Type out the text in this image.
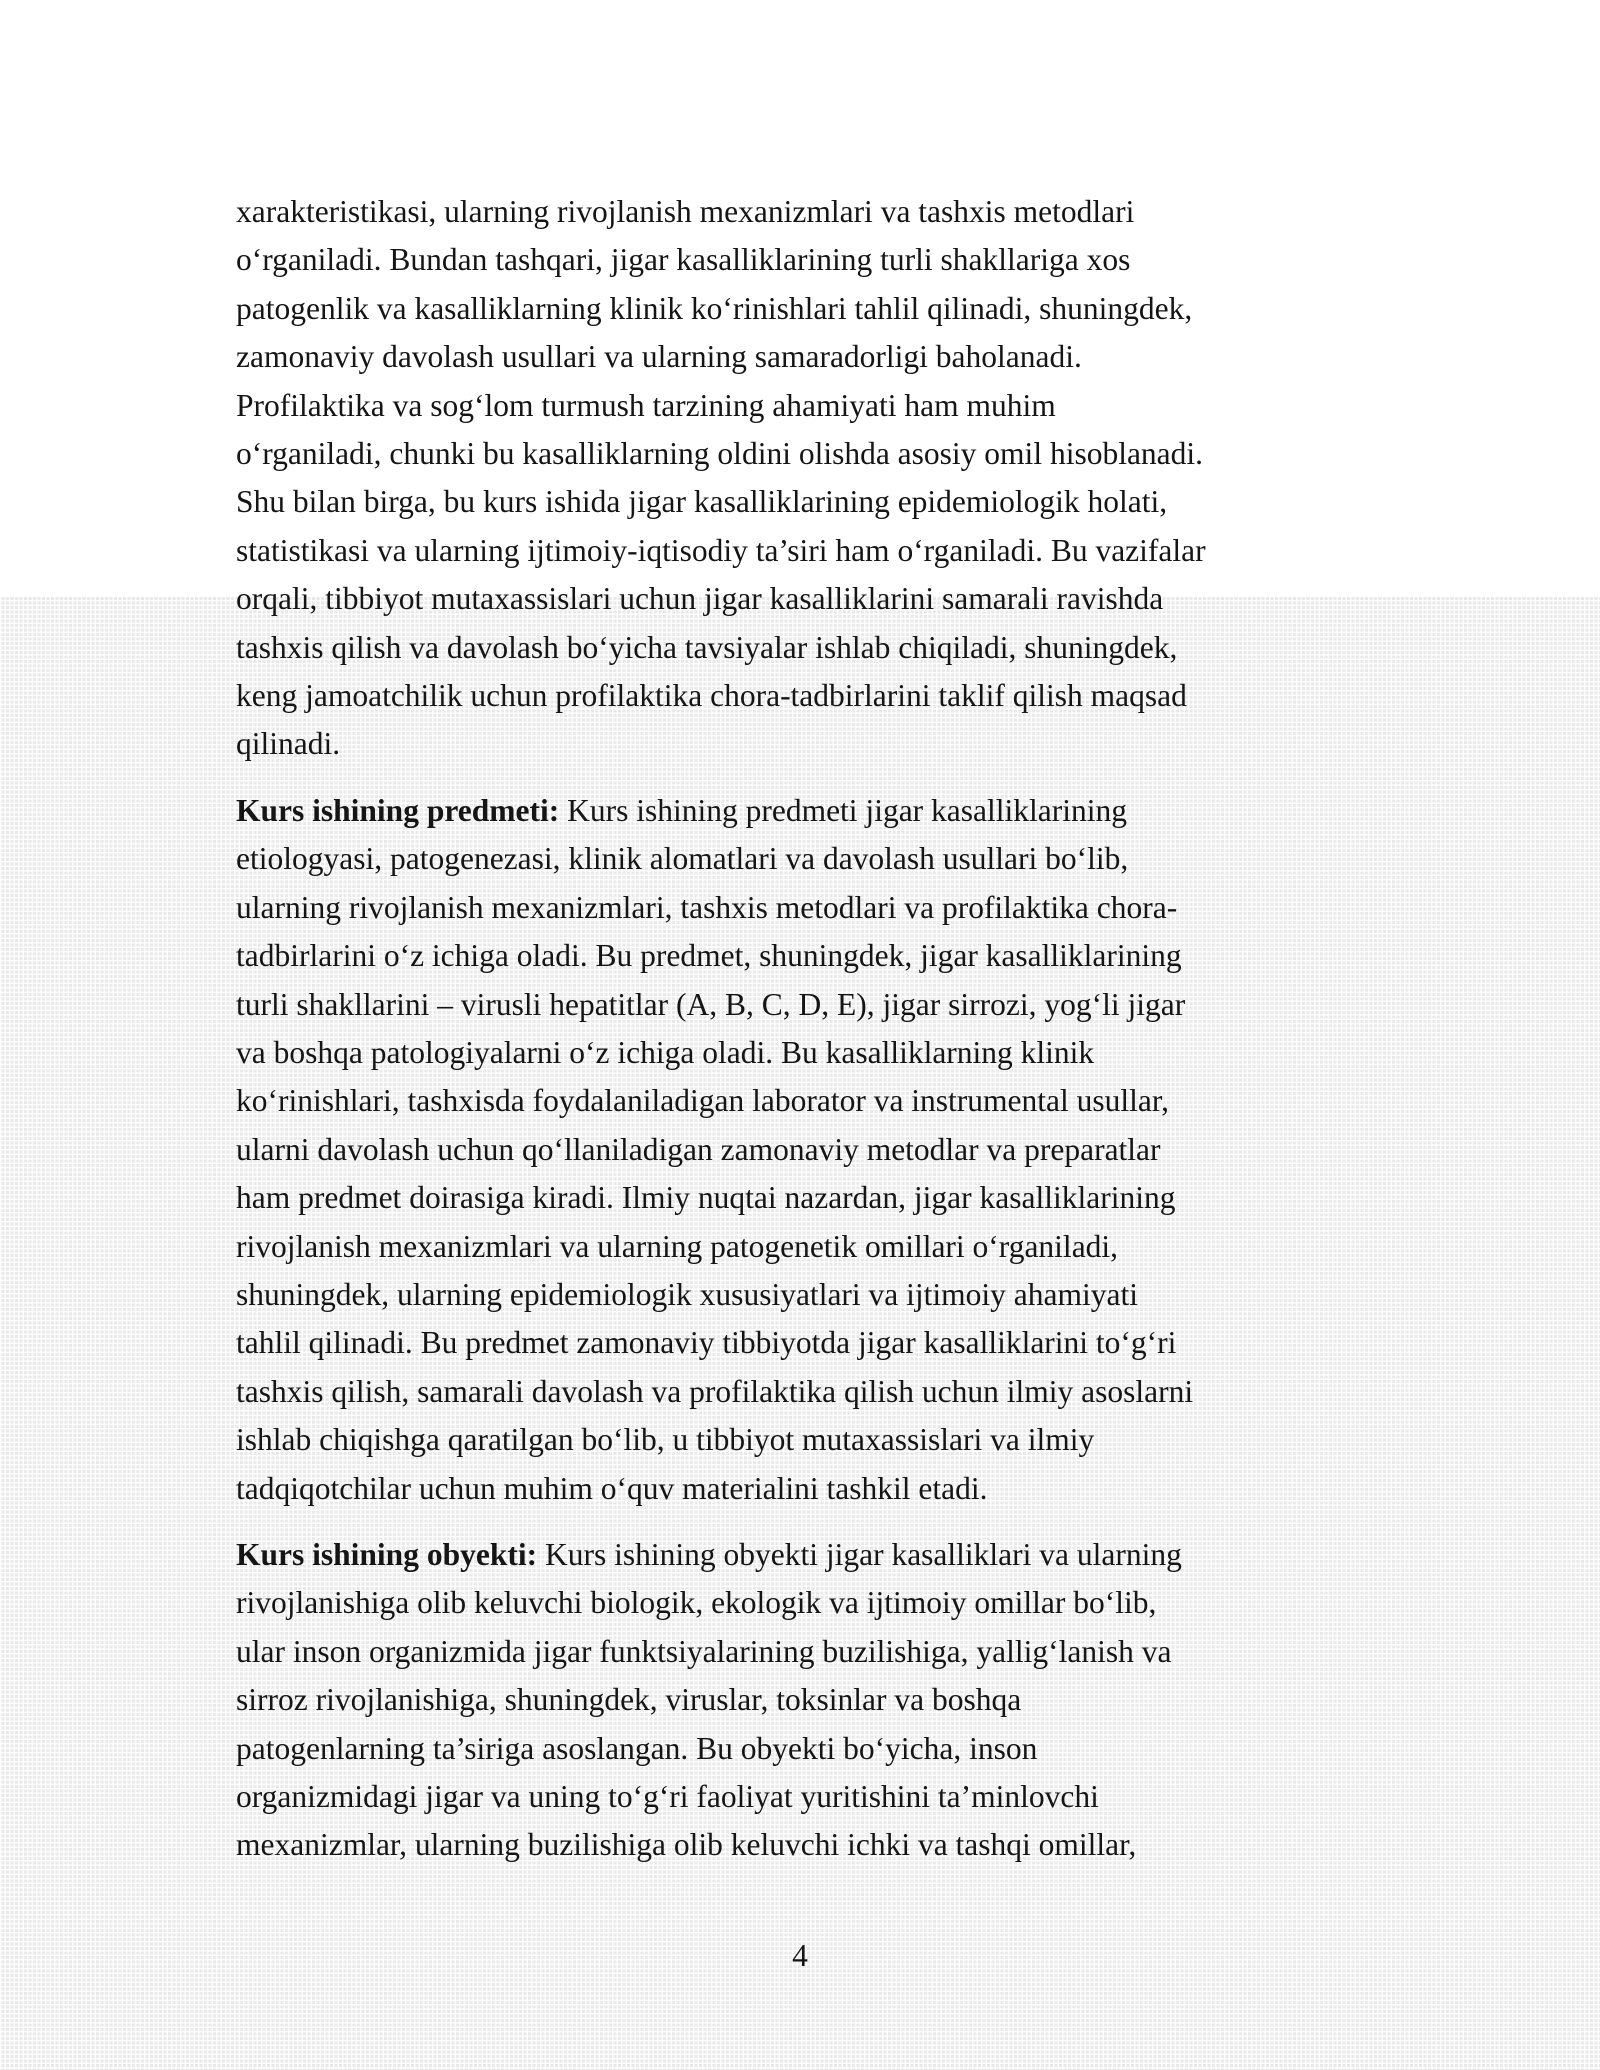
xarakteristikasi, ularning rivojlanish mexanizmlari va tashxis metodlari
o‘rganiladi. Bundan tashqari, jigar kasalliklarining turli shakllariga xos
patogenlik va kasalliklarning klinik ko‘rinishlari tahlil qilinadi, shuningdek,
zamonaviy davolash usullari va ularning samaradorligi baholanadi.
Profilaktika va sog‘lom turmush tarzining ahamiyati ham muhim
o‘rganiladi, chunki bu kasalliklarning oldini olishda asosiy omil hisoblanadi.
Shu bilan birga, bu kurs ishida jigar kasalliklarining epidemiologik holati,
statistikasi va ularning ijtimoiy-iqtisodiy ta’siri ham o‘rganiladi. Bu vazifalar
orqali, tibbiyot mutaxassislari uchun jigar kasalliklarini samarali ravishda
tashxis qilish va davolash bo‘yicha tavsiyalar ishlab chiqiladi, shuningdek,
keng jamoatchilik uchun profilaktika chora-tadbirlarini taklif qilish maqsad
qilinadi.
Kurs ishining predmeti: Kurs ishining predmeti jigar kasalliklarining
etiologyasi, patogenezasi, klinik alomatlari va davolash usullari bo‘lib,
ularning rivojlanish mexanizmlari, tashxis metodlari va profilaktika chora-
tadbirlarini o‘z ichiga oladi. Bu predmet, shuningdek, jigar kasalliklarining
turli shakllarini – virusli hepatitlar (A, B, C, D, E), jigar sirrozi, yog‘li jigar
va boshqa patologiyalarni o‘z ichiga oladi. Bu kasalliklarning klinik
ko‘rinishlari, tashxisda foydalaniladigan laborator va instrumental usullar,
ularni davolash uchun qo‘llaniladigan zamonaviy metodlar va preparatlar
ham predmet doirasiga kiradi. Ilmiy nuqtai nazardan, jigar kasalliklarining
rivojlanish mexanizmlari va ularning patogenetik omillari o‘rganiladi,
shuningdek, ularning epidemiologik xususiyatlari va ijtimoiy ahamiyati
tahlil qilinadi. Bu predmet zamonaviy tibbiyotda jigar kasalliklarini to‘g‘ri
tashxis qilish, samarali davolash va profilaktika qilish uchun ilmiy asoslarni
ishlab chiqishga qaratilgan bo‘lib, u tibbiyot mutaxassislari va ilmiy
tadqiqotchilar uchun muhim o‘quv materialini tashkil etadi.
Kurs ishining obyekti: Kurs ishining obyekti jigar kasalliklari va ularning
rivojlanishiga olib keluvchi biologik, ekologik va ijtimoiy omillar bo‘lib,
ular inson organizmida jigar funktsiyalarining buzilishiga, yallig‘lanish va
sirroz rivojlanishiga, shuningdek, viruslar, toksinlar va boshqa
patogenlarning ta’siriga asoslangan. Bu obyekti bo‘yicha, inson
organizmidagi jigar va uning to‘g‘ri faoliyat yuritishini ta’minlovchi
mexanizmlar, ularning buzilishiga olib keluvchi ichki va tashqi omillar,
4
